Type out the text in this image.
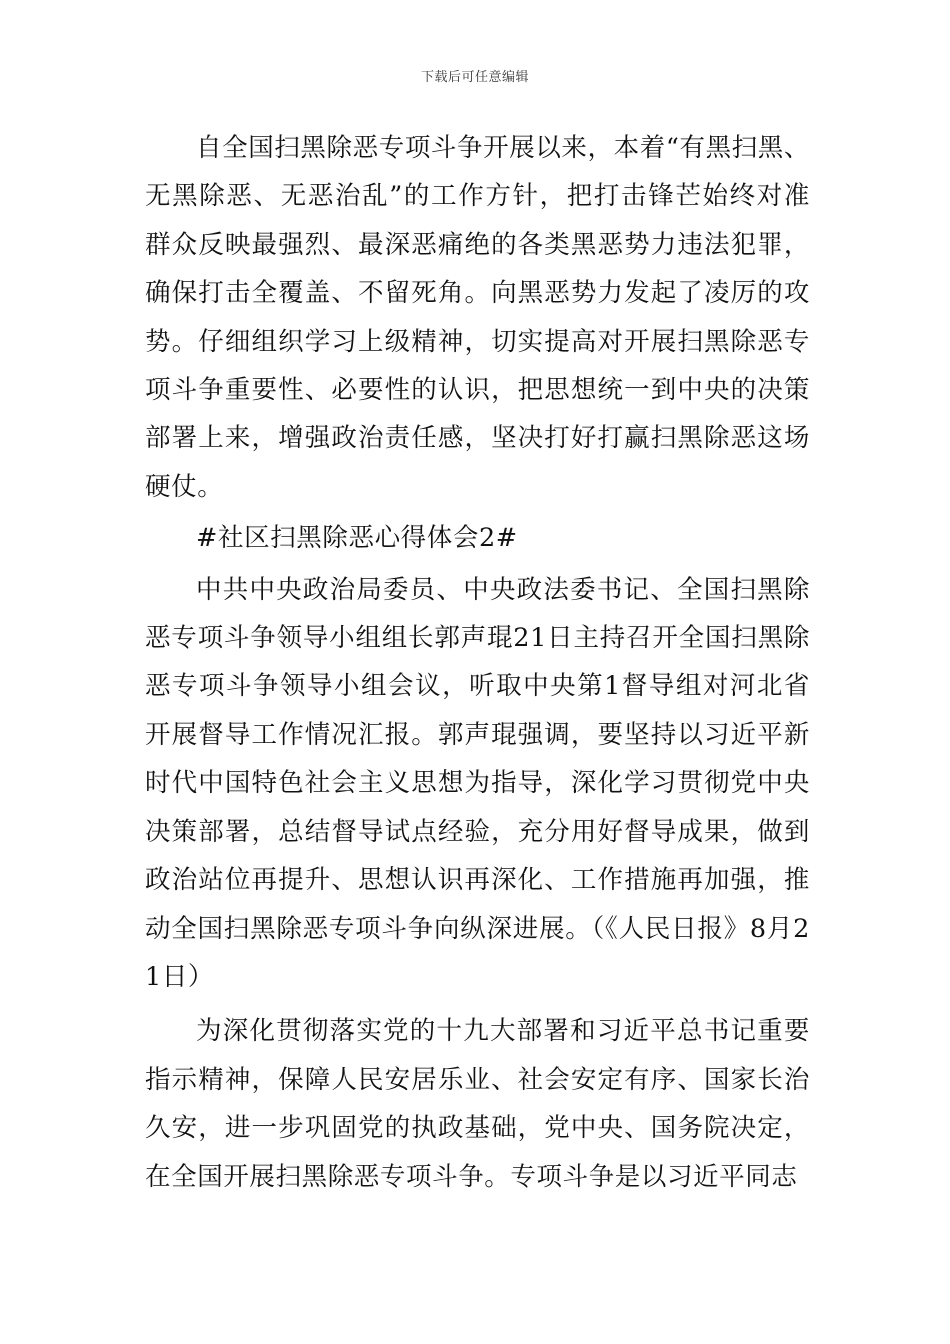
下载后可任意编辑

自全国扫黑除恶专项斗争开展以来，本着“有黑扫黑、无黑除恶、无恶治乱”的工作方针，把打击锋芒始终对准群众反映最强烈、最深恶痛绝的各类黑恶势力违法犯罪，确保打击全覆盖、不留死角。向黑恶势力发起了凌厉的攻势。仔细组织学习上级精神，切实提高对开展扫黑除恶专项斗争重要性、必要性的认识，把思想统一到中央的决策部署上来，增强政治责任感，坚决打好打赢扫黑除恶这场硬仗。

#社区扫黑除恶心得体会2#

中共中央政治局委员、中央政法委书记、全国扫黑除恶专项斗争领导小组组长郭声琨21日主持召开全国扫黑除恶专项斗争领导小组会议，听取中央第1督导组对河北省开展督导工作情况汇报。郭声琨强调，要坚持以习近平新时代中国特色社会主义思想为指导，深化学习贯彻党中央决策部署，总结督导试点经验，充分用好督导成果，做到政治站位再提升、思想认识再深化、工作措施再加强，推动全国扫黑除恶专项斗争向纵深进展。（《人民日报》8月21日）

为深化贯彻落实党的十九大部署和习近平总书记重要指示精神，保障人民安居乐业、社会安定有序、国家长治久安，进一步巩固党的执政基础，党中央、国务院决定，在全国开展扫黑除恶专项斗争。专项斗争是以习近平同志
